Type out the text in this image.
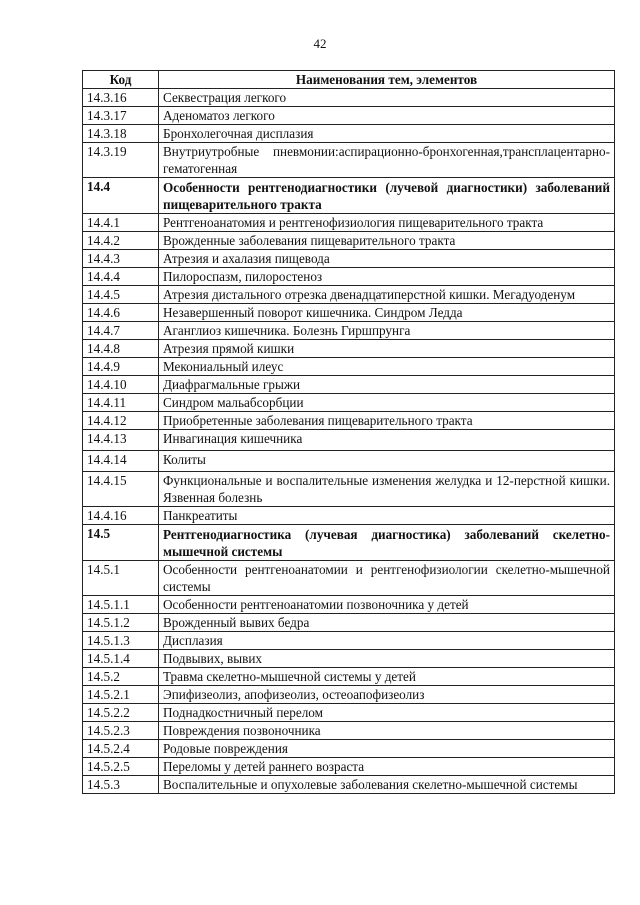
42
Код	Наименования тем, элементов
14.3.16	Секвестрация легкого
14.3.17	Аденоматоз легкого
14.3.18	Бронхолегочная дисплазия
14.3.19	Внутриутробные пневмонии:аспирационно-бронхогенная,трансплацентарно-гематогенная
14.4	Особенности рентгенодиагностики (лучевой диагностики) заболеваний пищеварительного тракта
14.4.1	Рентгеноанатомия и рентгенофизиология пищеварительного тракта
14.4.2	Врожденные заболевания пищеварительного тракта
14.4.3	Атрезия и ахалазия пищевода
14.4.4	Пилороспазм, пилоростеноз
14.4.5	Атрезия дистального отрезка двенадцатиперстной кишки. Мегадуоденум
14.4.6	Незавершенный поворот кишечника. Синдром Ледда
14.4.7	Аганглиоз кишечника. Болезнь Гиршпрунга
14.4.8	Атрезия прямой кишки
14.4.9	Мекониальный илеус
14.4.10	Диафрагмальные грыжи
14.4.11	Синдром мальабсорбции
14.4.12	Приобретенные заболевания пищеварительного тракта
14.4.13	Инвагинация кишечника
14.4.14	Колиты
14.4.15	Функциональные и воспалительные изменения желудка и 12-перстной кишки. Язвенная болезнь
14.4.16	Панкреатиты
14.5	Рентгенодиагностика (лучевая диагностика) заболеваний скелетно-мышечной системы
14.5.1	Особенности рентгеноанатомии и рентгенофизиологии скелетно-мышечной системы
14.5.1.1	Особенности рентгеноанатомии позвоночника у детей
14.5.1.2	Врожденный вывих бедра
14.5.1.3	Дисплазия
14.5.1.4	Подвывих, вывих
14.5.2	Травма скелетно-мышечной системы у детей
14.5.2.1	Эпифизеолиз, апофизеолиз, остеоапофизеолиз
14.5.2.2	Поднадкостничный перелом
14.5.2.3	Повреждения позвоночника
14.5.2.4	Родовые повреждения
14.5.2.5	Переломы у детей раннего возраста
14.5.3	Воспалительные и опухолевые заболевания скелетно-мышечной системы
